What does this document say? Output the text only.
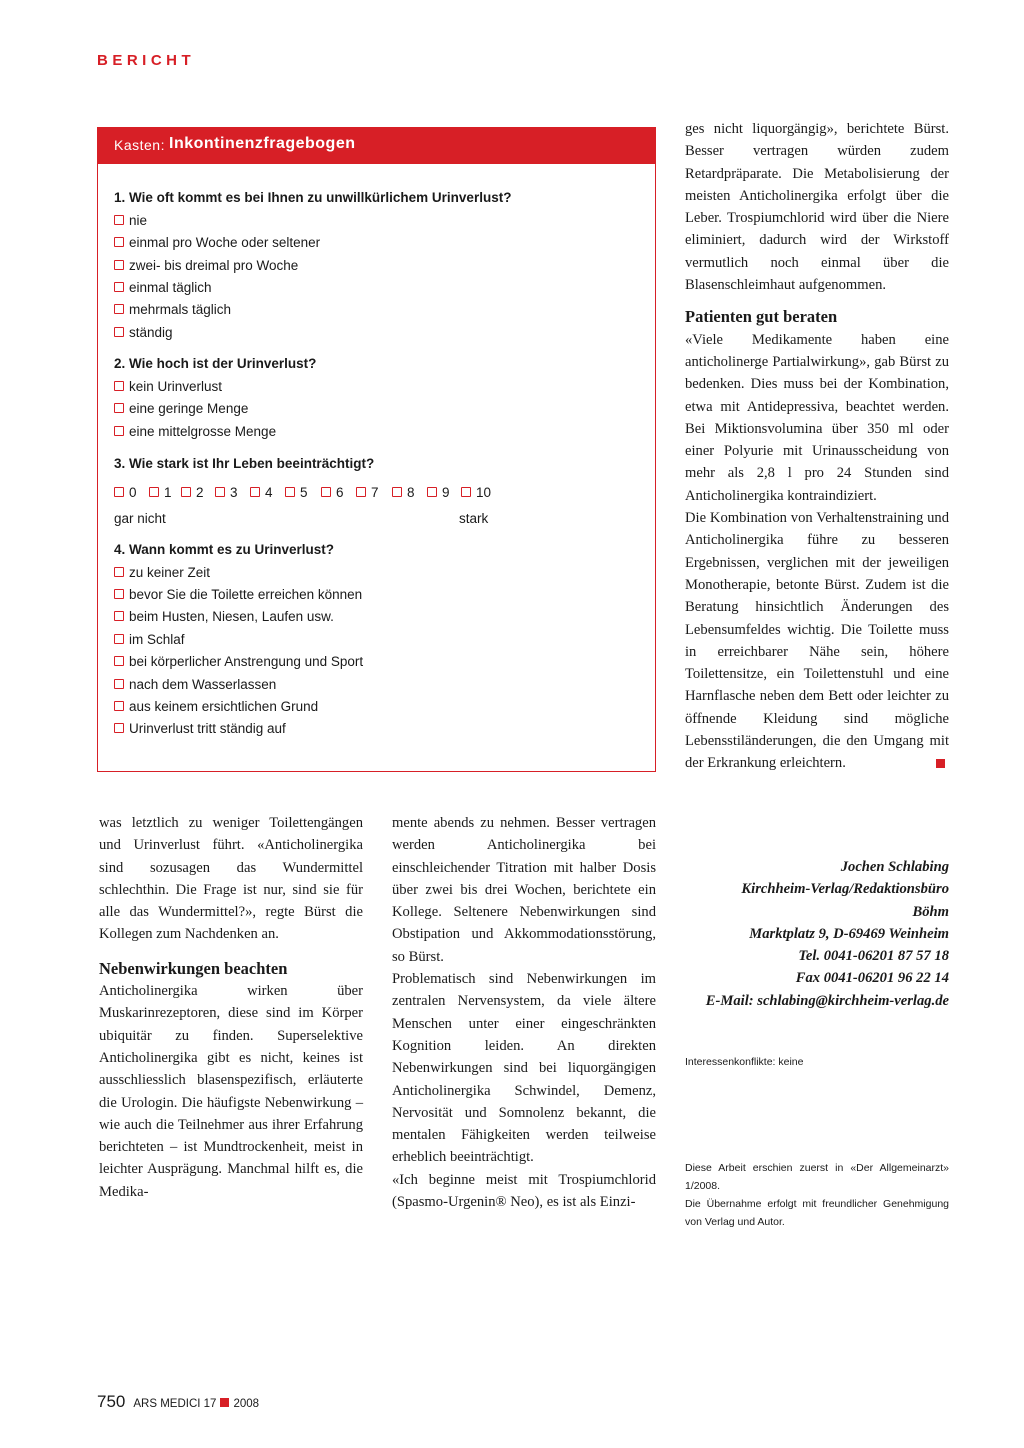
BERICHT
Kasten: Inkontinenzfragebogen
1. Wie oft kommt es bei Ihnen zu unwillkürlichem Urinverlust?
nie
einmal pro Woche oder seltener
zwei- bis dreimal pro Woche
einmal täglich
mehrmals täglich
ständig
2. Wie hoch ist der Urinverlust?
kein Urinverlust
eine geringe Menge
eine mittelgrosse Menge
3. Wie stark ist Ihr Leben beeinträchtigt?
0	1	2	3	4	5	6	7	8	9	10
gar nicht	stark
4. Wann kommt es zu Urinverlust?
zu keiner Zeit
bevor Sie die Toilette erreichen können
beim Husten, Niesen, Laufen usw.
im Schlaf
bei körperlicher Anstrengung und Sport
nach dem Wasserlassen
aus keinem ersichtlichen Grund
Urinverlust tritt ständig auf

was letztlich zu weniger Toilettengängen und Urinverlust führt. «Anticholinergika sind sozusagen das Wundermittel schlechthin. Die Frage ist nur, sind sie für alle das Wundermittel?», regte Bürst die Kollegen zum Nachdenken an.

Nebenwirkungen beachten

Anticholinergika wirken über Muskarinrezeptoren, diese sind im Körper ubiquitär zu finden. Superselektive Anticholinergika gibt es nicht, keines ist ausschliesslich blasenspezifisch, erläuterte die Urologin. Die häufigste Nebenwirkung – wie auch die Teilnehmer aus ihrer Erfahrung berichteten – ist Mundtrockenheit, meist in leichter Ausprägung. Manchmal hilft es, die Medika-

mente abends zu nehmen. Besser vertragen werden Anticholinergika bei einschleichender Titration mit halber Dosis über zwei bis drei Wochen, berichtete ein Kollege. Seltenere Nebenwirkungen sind Obstipation und Akkommodationsstörung, so Bürst.

Problematisch sind Nebenwirkungen im zentralen Nervensystem, da viele ältere Menschen unter einer eingeschränkten Kognition leiden. An direkten Nebenwirkungen sind bei liquorgängigen Anticholinergika Schwindel, Demenz, Nervosität und Somnolenz bekannt, die mentalen Fähigkeiten werden teilweise erheblich beeinträchtigt.

«Ich beginne meist mit Trospiumchlorid (Spasmo-Urgenin® Neo), es ist als Einzi-

ges nicht liquorgängig», berichtete Bürst. Besser vertragen würden zudem Retardpräparate. Die Metabolisierung der meisten Anticholinergika erfolgt über die Leber. Trospiumchlorid wird über die Niere eliminiert, dadurch wird der Wirkstoff vermutlich noch einmal über die Blasenschleimhaut aufgenommen.

Patienten gut beraten

«Viele Medikamente haben eine anticholinerge Partialwirkung», gab Bürst zu bedenken. Dies muss bei der Kombination, etwa mit Antidepressiva, beachtet werden. Bei Miktionsvolumina über 350 ml oder einer Polyurie mit Urinausscheidung von mehr als 2,8 l pro 24 Stunden sind Anticholinergika kontraindiziert.

Die Kombination von Verhaltenstraining und Anticholinergika führe zu besseren Ergebnissen, verglichen mit der jeweiligen Monotherapie, betonte Bürst. Zudem ist die Beratung hinsichtlich Änderungen des Lebensumfeldes wichtig. Die Toilette muss in erreichbarer Nähe sein, höhere Toilettensitze, ein Toilettenstuhl und eine Harnflasche neben dem Bett oder leichter zu öffnende Kleidung sind mögliche Lebensstiländerungen, die den Umgang mit der Erkrankung erleichtern.

Jochen Schlabing
Kirchheim-Verlag/Redaktionsbüro
Böhm
Marktplatz 9, D-69469 Weinheim
Tel. 0041-06201 87 57 18
Fax 0041-06201 96 22 14
E-Mail: schlabing@kirchheim-verlag.de
Interessenkonflikte: keine
Diese Arbeit erschien zuerst in «Der Allgemeinarzt» 1/2008.
Die Übernahme erfolgt mit freundlicher Genehmigung von Verlag und Autor.
750 ARS MEDICI 17 2008
